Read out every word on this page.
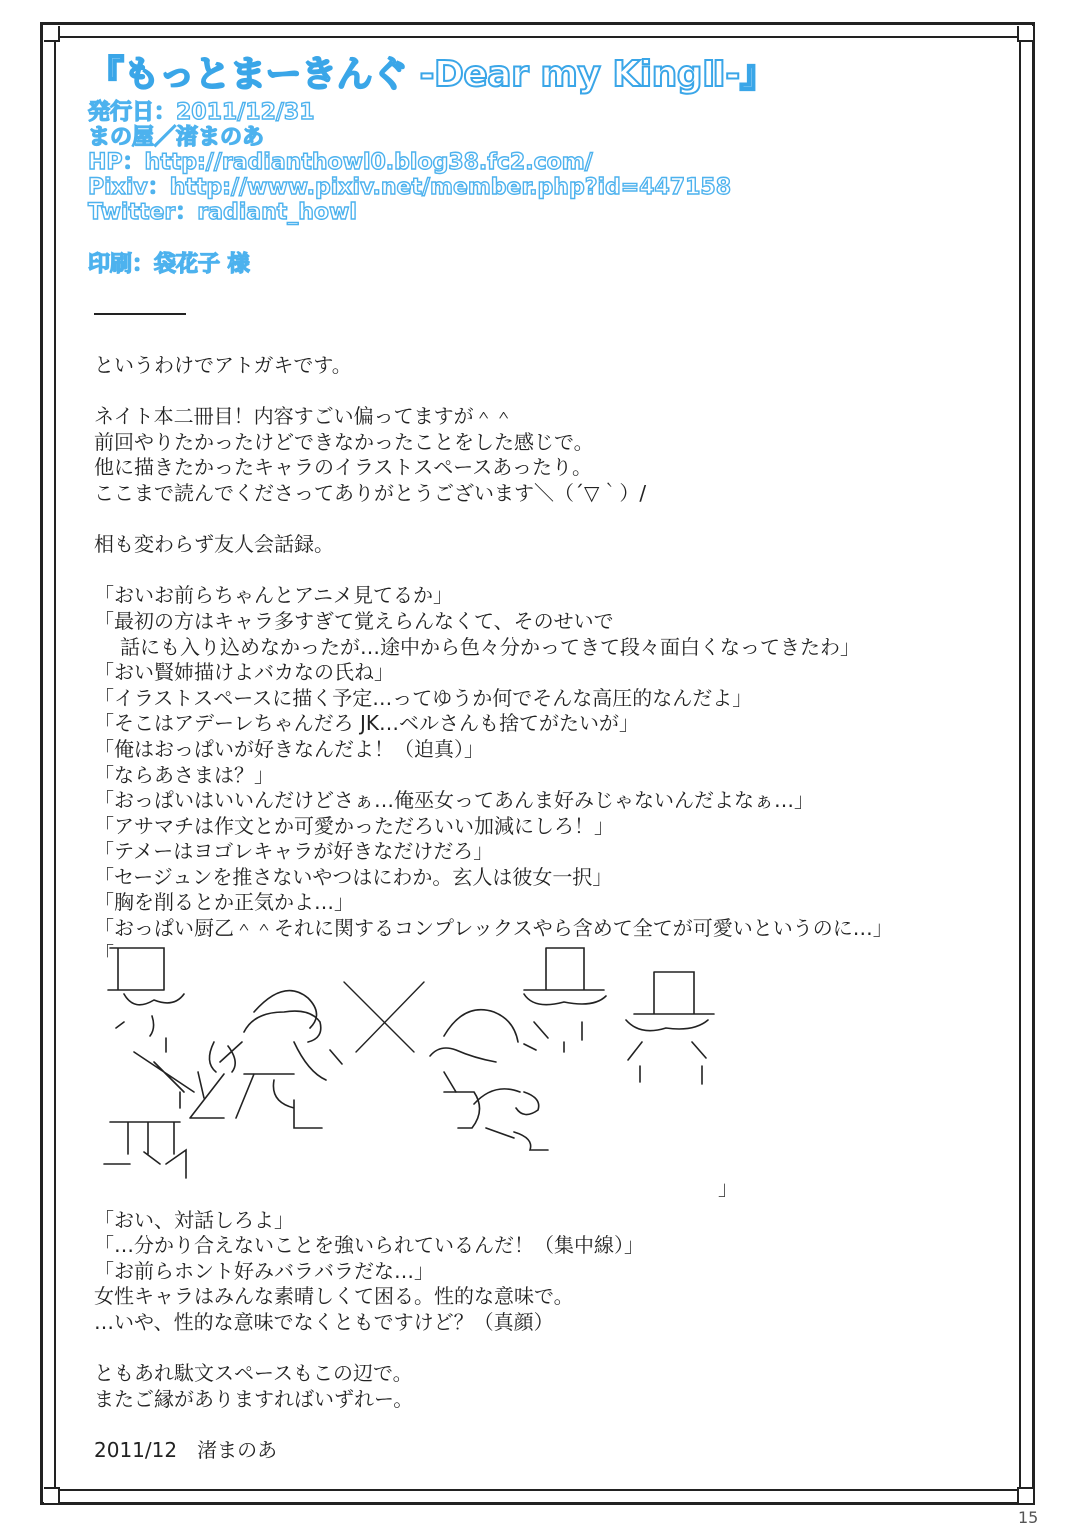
『もっとまーきんぐ -Dear my KingⅡ-』
発行日：2011/12/31
まの屋／渚まのあ
HP：http://radianthowl0.blog38.fc2.com/
Pixiv：http://www.pixiv.net/member.php?id=447158
Twitter：radiant_howl
印刷：袋花子 様

というわけでアトガキです。

ネイト本二冊目！内容すごい偏ってますが＾＾

前回やりたかったけどできなかったことをした感じで。

他に描きたかったキャラのイラストスペースあったり。

ここまで読んでくださってありがとうございます＼（´▽｀）/

相も変わらず友人会話録。

「おいお前らちゃんとアニメ見てるか」

「最初の方はキャラ多すぎて覚えらんなくて、そのせいで

話にも入り込めなかったが…途中から色々分かってきて段々面白くなってきたわ」

「おい賢姉描けよバカなの氏ね」

「イラストスペースに描く予定…ってゆうか何でそんな高圧的なんだよ」

「そこはアデーレちゃんだろ JK…ベルさんも捨てがたいが」

「俺はおっぱいが好きなんだよ！（迫真）」

「ならあさまは？」

「おっぱいはいいんだけどさぁ…俺巫女ってあんま好みじゃないんだよなぁ…」

「アサマチは作文とか可愛かっただろいい加減にしろ！」

「テメーはヨゴレキャラが好きなだけだろ」

「セージュンを推さないやつはにわか。玄人は彼女一択」

「胸を削るとか正気かよ…」

「おっぱい厨乙＾＾それに関するコンプレックスやら含めて全てが可愛いというのに…」

「
」

「おい、対話しろよ」

「…分かり合えないことを強いられているんだ！（集中線）」

「お前らホント好みバラバラだな…」

女性キャラはみんな素晴しくて困る。性的な意味で。

…いや、性的な意味でなくともですけど？（真顔）

ともあれ駄文スペースもこの辺で。

またご縁がありますればいずれー。

2011/12　 渚まのあ

15
